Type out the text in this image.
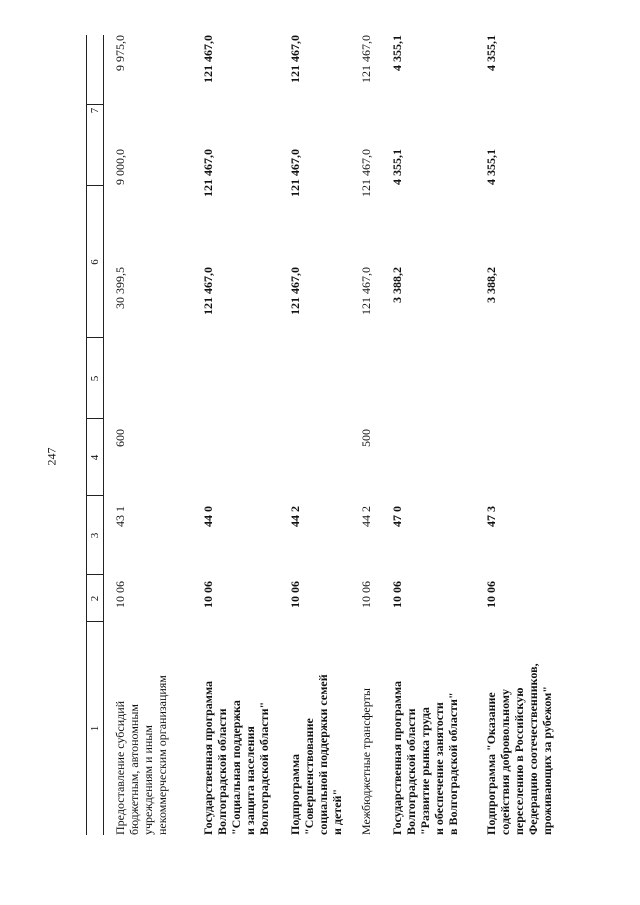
247
1
2
3
4
5
6
7
Предоставление субсидий бюджетным, автономным учреждениям и иным некоммерческим организациям
10 06
43 1
600
30 399,5
9 000,0
9 975,0
Государственная программа Волгоградской области "Социальная поддержка и защита населения Волгоградской области"
10 06
44 0
121 467,0
121 467,0
121 467,0
Подпрограмма "Совершенствование социальной поддержки семей и детей"
10 06
44 2
121 467,0
121 467,0
121 467,0
Межбюджетные трансферты
10 06
44 2
500
121 467,0
121 467,0
121 467,0
Государственная программа Волгоградской области "Развитие рынка труда и обеспечение занятости в Волгоградской области"
10 06
47 0
3 388,2
4 355,1
4 355,1
Подпрограмма "Оказание содействия добровольному переселению в Российскую Федерацию соотечественников, проживающих за рубежом"
10 06
47 3
3 388,2
4 355,1
4 355,1
